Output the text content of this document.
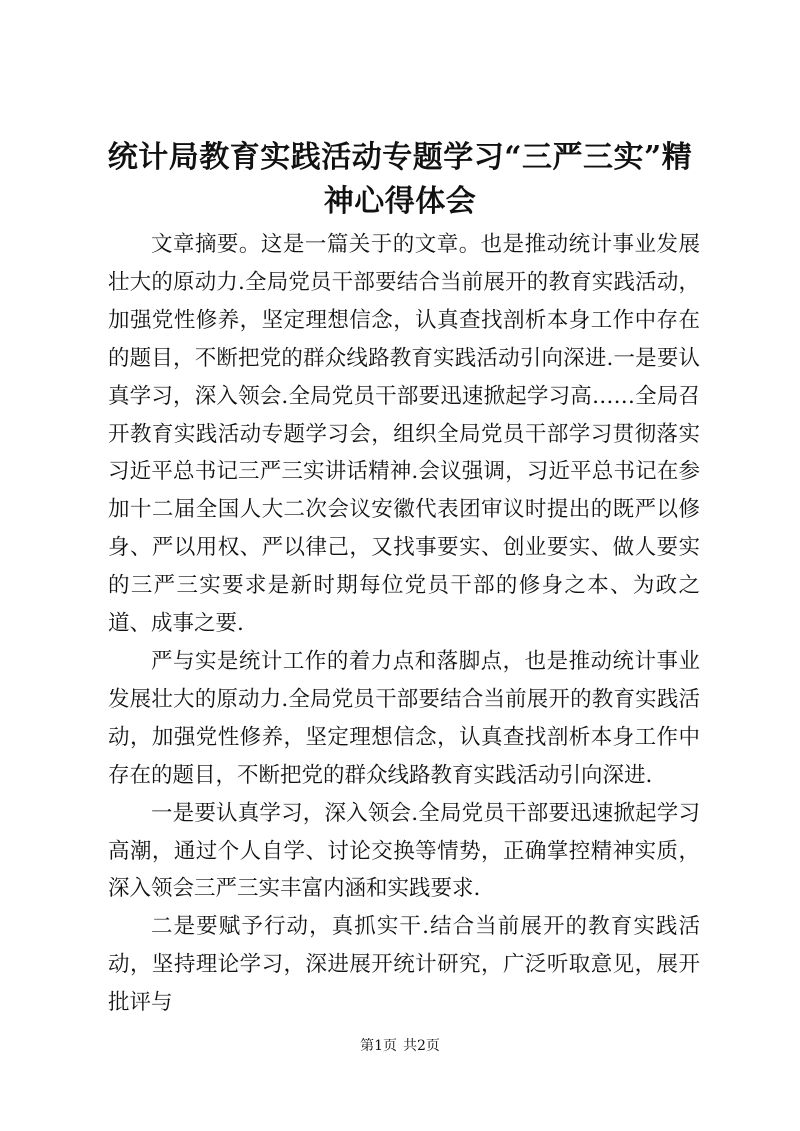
统计局教育实践活动专题学习“三严三实”精
神心得体会

文章摘要。这是一篇关于的文章。也是推动统计事业发展壮大的原动力.全局党员干部要结合当前展开的教育实践活动，加强党性修养，坚定理想信念，认真查找剖析本身工作中存在的题目，不断把党的群众线路教育实践活动引向深进.一是要认真学习，深入领会.全局党员干部要迅速掀起学习高……全局召开教育实践活动专题学习会，组织全局党员干部学习贯彻落实习近平总书记三严三实讲话精神.会议强调，习近平总书记在参加十二届全国人大二次会议安徽代表团审议时提出的既严以修身、严以用权、严以律己，又找事要实、创业要实、做人要实的三严三实要求是新时期每位党员干部的修身之本、为政之道、成事之要.

严与实是统计工作的着力点和落脚点，也是推动统计事业发展壮大的原动力.全局党员干部要结合当前展开的教育实践活动，加强党性修养，坚定理想信念，认真查找剖析本身工作中存在的题目，不断把党的群众线路教育实践活动引向深进.

一是要认真学习，深入领会.全局党员干部要迅速掀起学习高潮，通过个人自学、讨论交换等情势，正确掌控精神实质，深入领会三严三实丰富内涵和实践要求.

二是要赋予行动，真抓实干.结合当前展开的教育实践活动，坚持理论学习，深进展开统计研究，广泛听取意见，展开批评与

第1页 共2页
